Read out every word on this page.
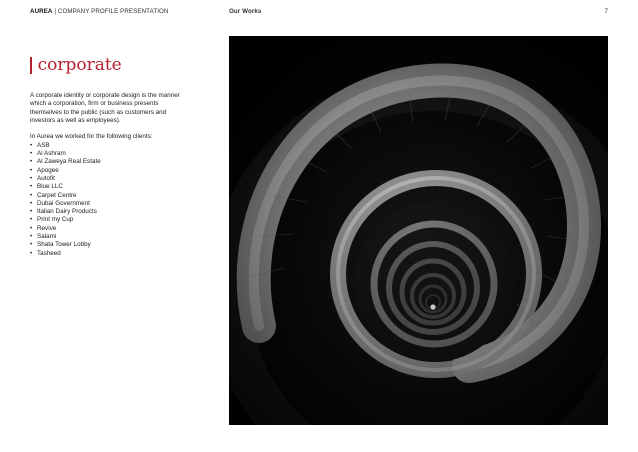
AUREA | COMPANY PROFILE PRESENTATION	Our Works	7
corporate

A corporate identity or corporate design is the manner which a corporation, firm or business presents themselves to the public (such as customers and investors as well as employees).

In Aurea we worked for the following clients:

• ASB
• Al Ashram
• Al Zaweya Real Estate
• Apogee
• Autofit
• Blue LLC
• Carpet Centre
• Dubai Government
• Italian Dairy Products
• Print my Cup
• Revive
• Salami
• Shata Tower Lobby
• Tasheed
